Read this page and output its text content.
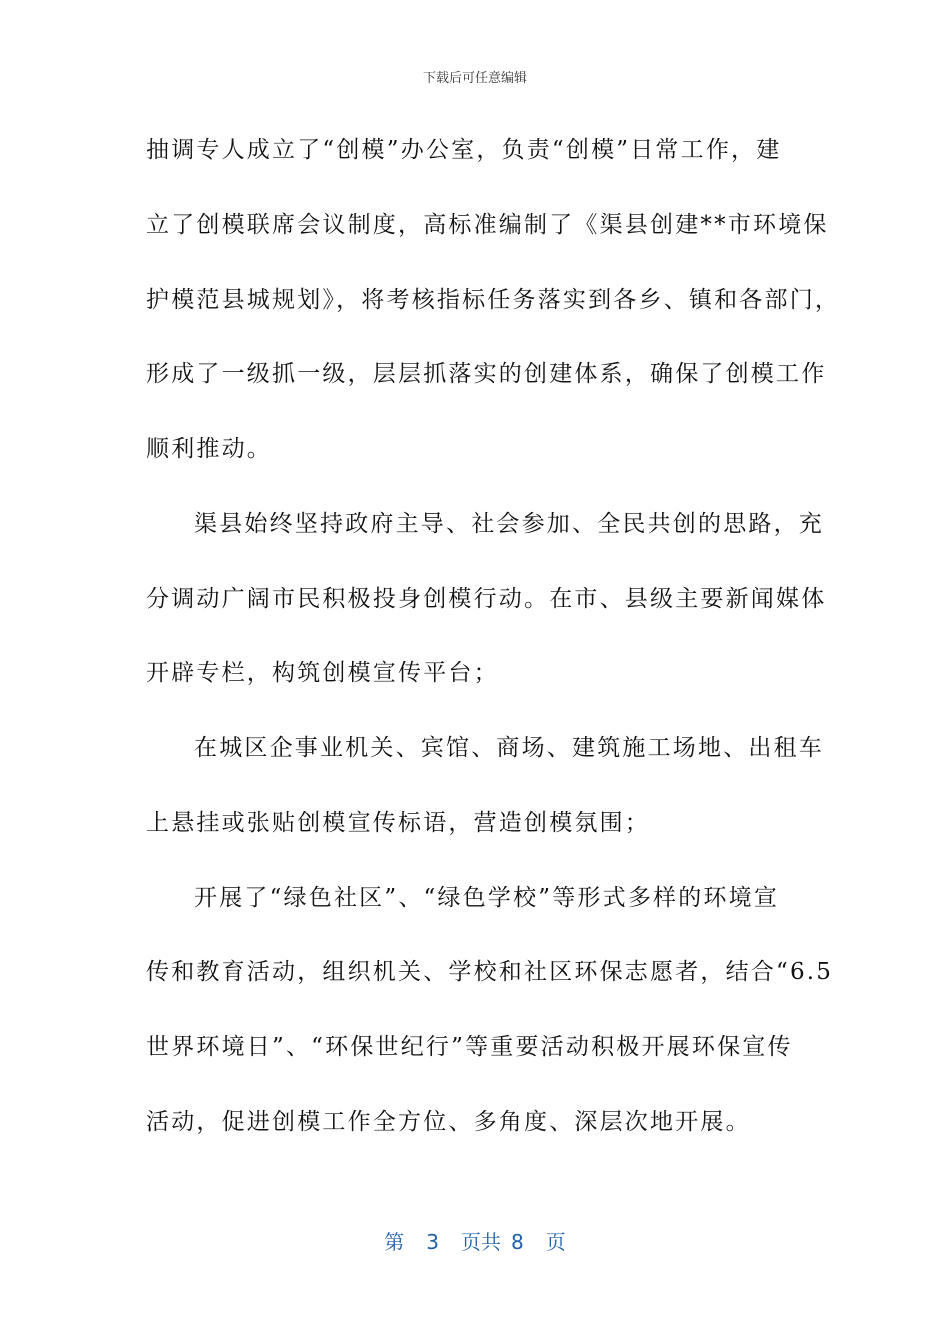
下载后可任意编辑
抽调专人成立了“创模”办公室，负责“创模”日常工作，建
立了创模联席会议制度，高标准编制了《渠县创建**市环境保
护模范县城规划》，将考核指标任务落实到各乡、镇和各部门，
形成了一级抓一级，层层抓落实的创建体系，确保了创模工作
顺利推动。
渠县始终坚持政府主导、社会参加、全民共创的思路，充
分调动广阔市民积极投身创模行动。在市、县级主要新闻媒体
开辟专栏，构筑创模宣传平台；
在城区企事业机关、宾馆、商场、建筑施工场地、出租车
上悬挂或张贴创模宣传标语，营造创模氛围；
开展了“绿色社区”、“绿色学校”等形式多样的环境宣
传和教育活动，组织机关、学校和社区环保志愿者，结合“6.5
世界环境日”、“环保世纪行”等重要活动积极开展环保宣传
活动，促进创模工作全方位、多角度、深层次地开展。
第 3 页共 8 页
